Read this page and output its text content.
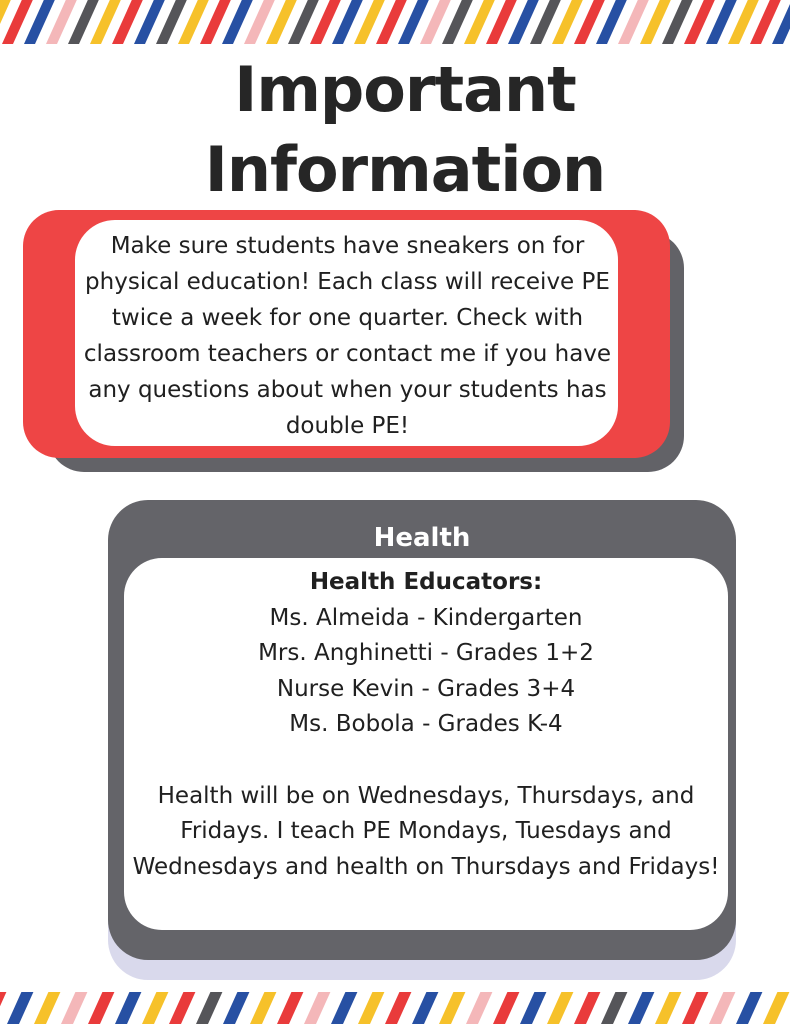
Important
Information

Make sure students have sneakers on for physical education! Each class will receive PE twice a week for one quarter. Check with classroom teachers or contact me if you have any questions about when your students has double PE!

Health
Health Educators:
Ms. Almeida - Kindergarten
Mrs. Anghinetti - Grades 1+2
Nurse Kevin - Grades 3+4
Ms. Bobola - Grades K-4

Health will be on Wednesdays, Thursdays, and Fridays. I teach PE Mondays, Tuesdays and Wednesdays and health on Thursdays and Fridays!
